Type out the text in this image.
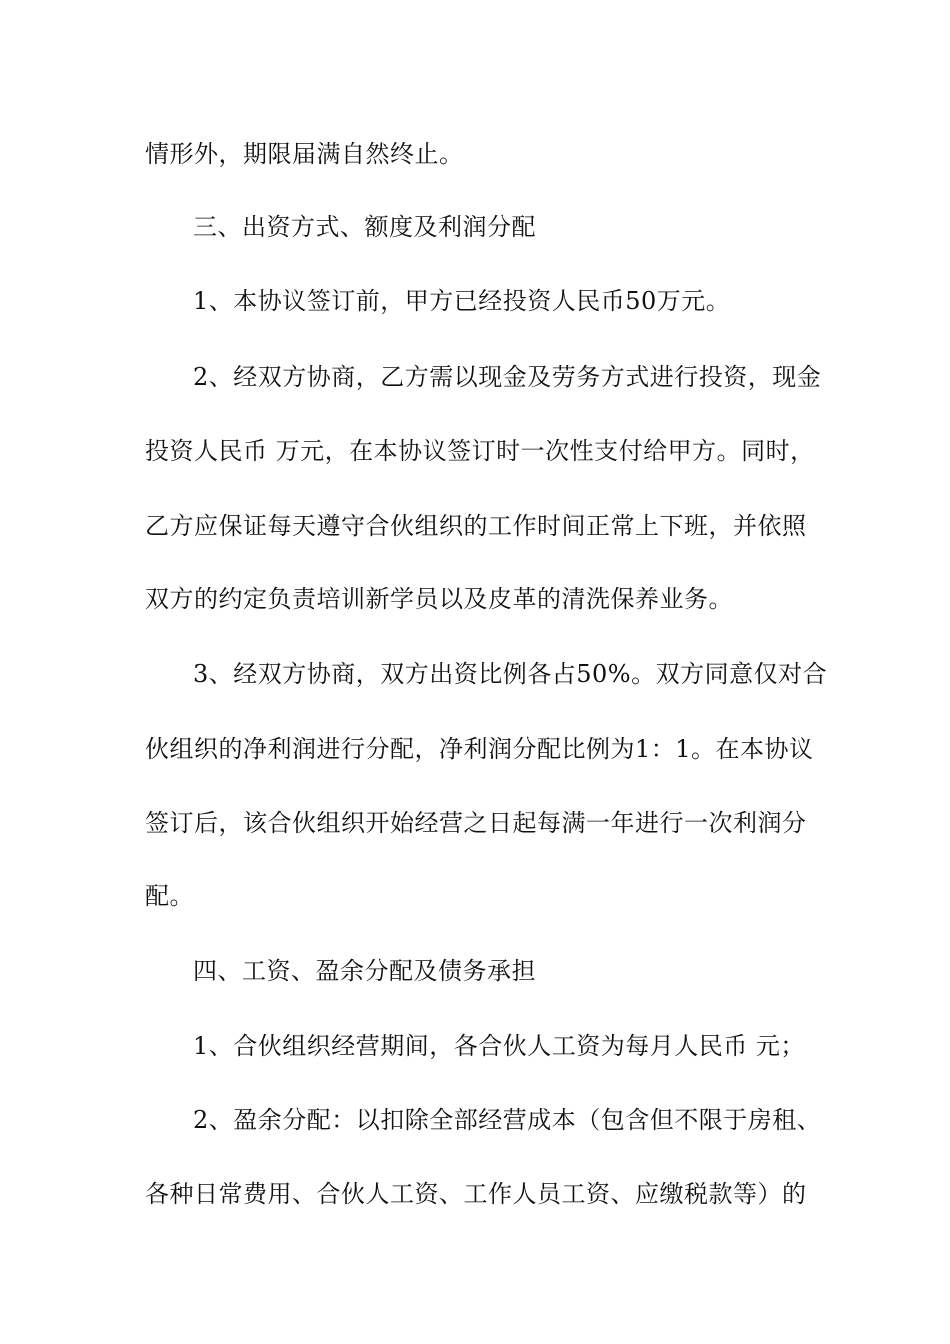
情形外，期限届满自然终止。
三、出资方式、额度及利润分配
1、本协议签订前，甲方已经投资人民币50万元。
2、经双方协商，乙方需以现金及劳务方式进行投资，现金
投资人民币 万元，在本协议签订时一次性支付给甲方。同时，
乙方应保证每天遵守合伙组织的工作时间正常上下班，并依照
双方的约定负责培训新学员以及皮革的清洗保养业务。
3、经双方协商，双方出资比例各占50%。双方同意仅对合
伙组织的净利润进行分配，净利润分配比例为1：1。在本协议
签订后，该合伙组织开始经营之日起每满一年进行一次利润分
配。
四、工资、盈余分配及债务承担
1、合伙组织经营期间，各合伙人工资为每月人民币 元；
2、盈余分配：以扣除全部经营成本（包含但不限于房租、
各种日常费用、合伙人工资、工作人员工资、应缴税款等）的
